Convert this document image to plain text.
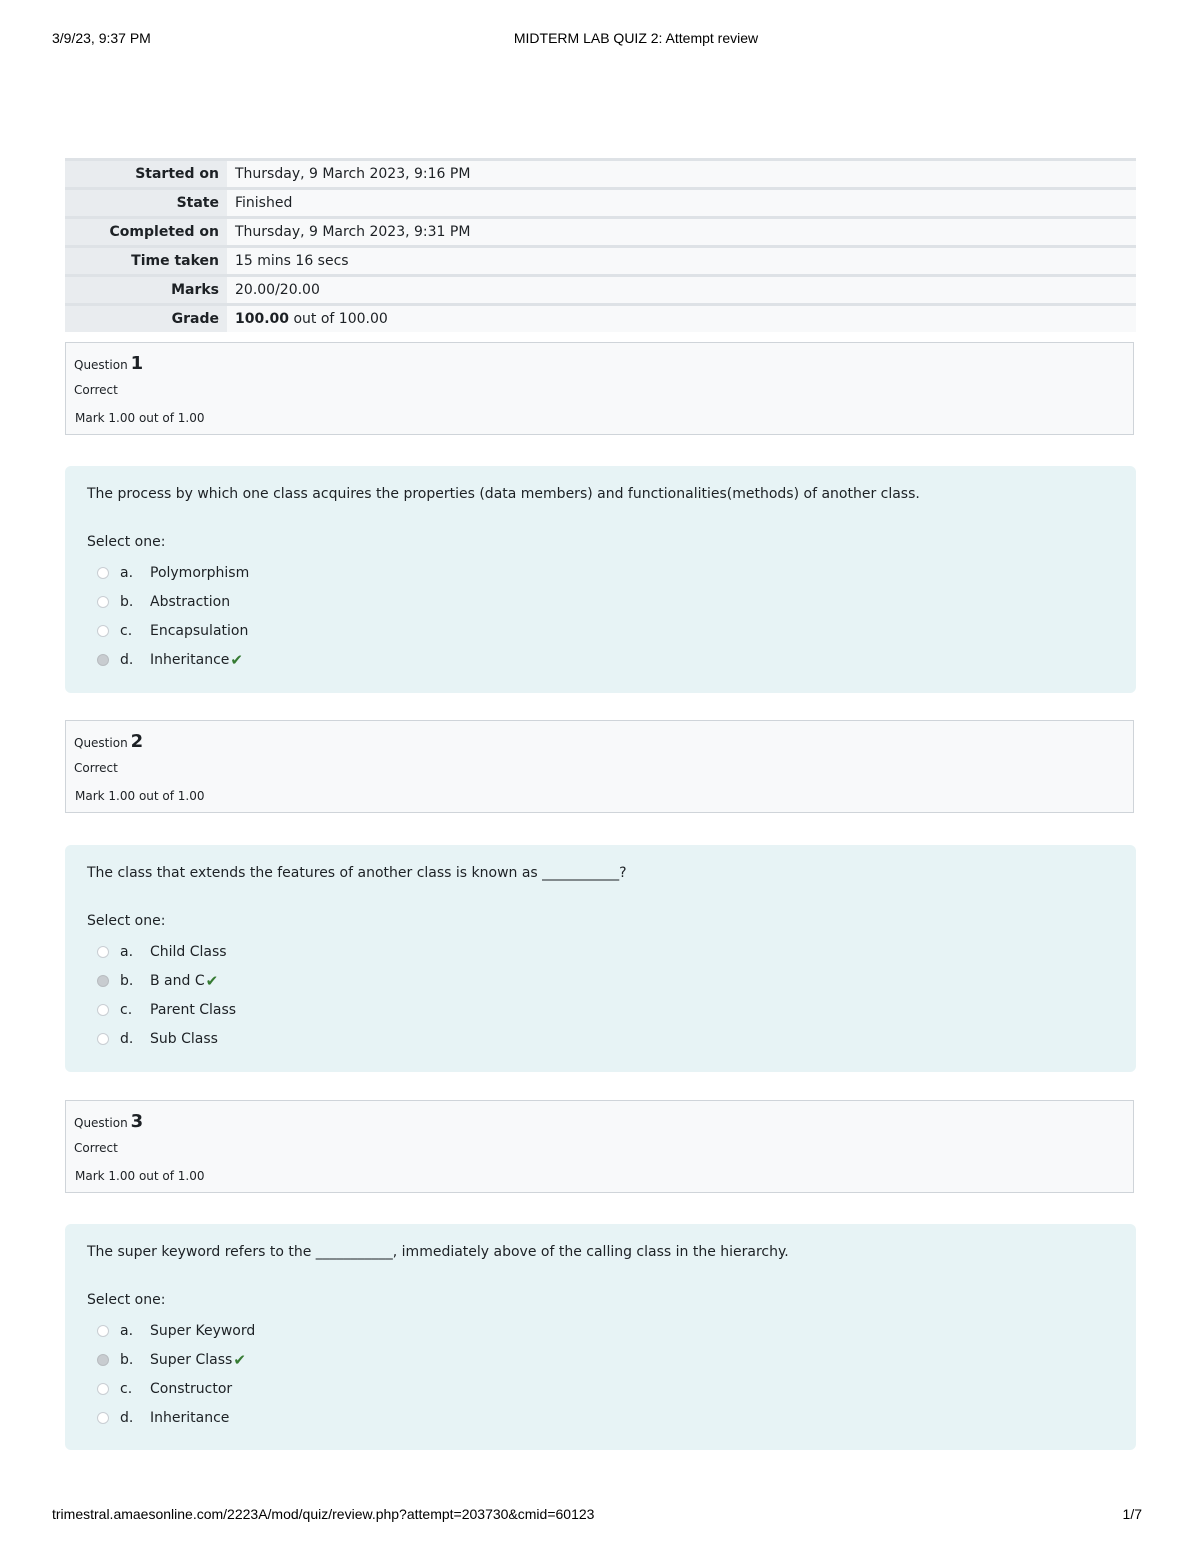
3/9/23, 9:37 PM	MIDTERM LAB QUIZ 2: Attempt review
Started on	Thursday, 9 March 2023, 9:16 PM
State	Finished
Completed on	Thursday, 9 March 2023, 9:31 PM
Time taken	15 mins 16 secs
Marks	20.00/20.00
Grade	100.00 out of 100.00
Question 1
Correct
Mark 1.00 out of 1.00

The process by which one class acquires the properties (data members) and functionalities(methods) of another class.

Select one:
a.	Polymorphism
b.	Abstraction
c.	Encapsulation
d.	Inheritance ✔
Question 2
Correct
Mark 1.00 out of 1.00

The class that extends the features of another class is known as ___________?

Select one:
a.	Child Class
b.	B and C ✔
c.	Parent Class
d.	Sub Class
Question 3
Correct
Mark 1.00 out of 1.00

The super keyword refers to the ___________, immediately above of the calling class in the hierarchy.

Select one:
a.	Super Keyword
b.	Super Class ✔
c.	Constructor
d.	Inheritance
trimestral.amaesonline.com/2223A/mod/quiz/review.php?attempt=203730&cmid=60123	1/7
